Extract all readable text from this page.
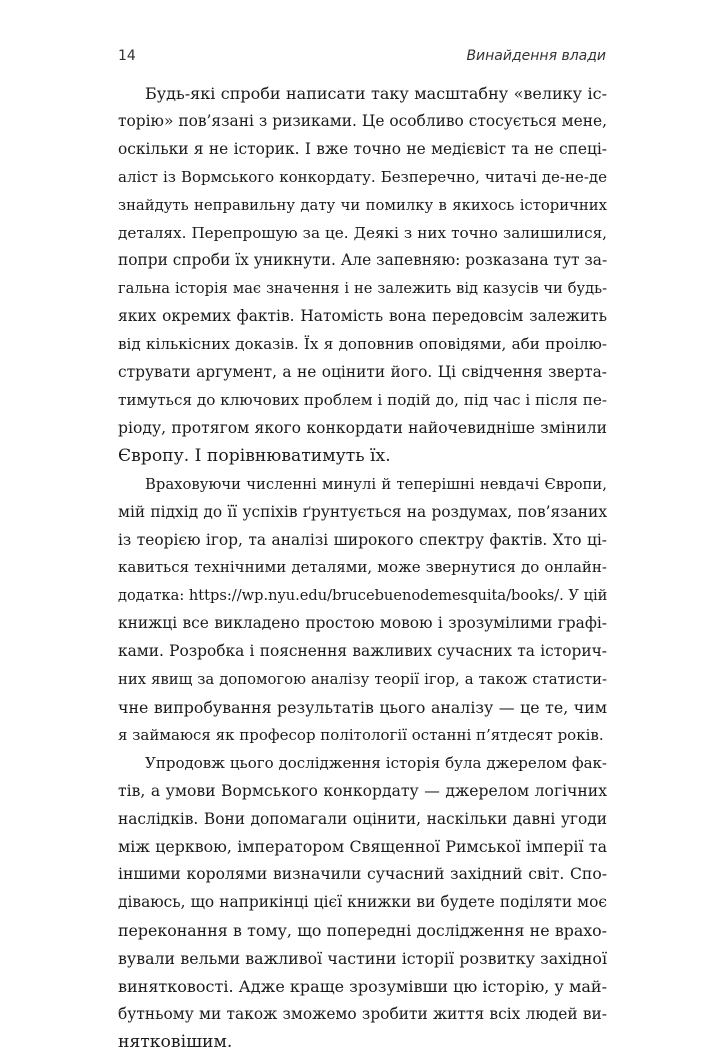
14	Винайдення влади

Будь-які спроби написати таку масштабну «велику іс-
торію» пов’язані з ризиками. Це особливо стосується мене,
оскільки я не історик. І вже точно не медієвіст та не спеці-
аліст із Вормського конкордату. Безперечно, читачі де-не-де
знайдуть неправильну дату чи помилку в якихось історичних
деталях. Перепрошую за це. Деякі з них точно залишилися,
попри спроби їх уникнути. Але запевняю: розказана тут за-
гальна історія має значення і не залежить від казусів чи будь-
яких окремих фактів. Натомість вона передовсім залежить
від кількісних доказів. Їх я доповнив оповідями, аби проілю-
струвати аргумент, а не оцінити його. Ці свідчення зверта-
тимуться до ключових проблем і подій до, під час і після пе-
ріоду, протягом якого конкордати найочевидніше змінили
Європу. І порівнюватимуть їх.

Враховуючи численні минулі й теперішні невдачі Європи,
мій підхід до її успіхів ґрунтується на роздумах, пов’язаних
із теорією ігор, та аналізі широкого спектру фактів. Хто ці-
кавиться технічними деталями, може звернутися до онлайн-
додатка: https://wp.nyu.edu/brucebuenodemesquita/books/. У цій
книжці все викладено простою мовою і зрозумілими графі-
ками. Розробка і пояснення важливих сучасних та історич-
них явищ за допомогою аналізу теорії ігор, а також статисти-
чне випробування результатів цього аналізу — це те, чим
я займаюся як професор політології останні п’ятдесят років.

Упродовж цього дослідження історія була джерелом фак-
тів, а умови Вормського конкордату — джерелом логічних
наслідків. Вони допомагали оцінити, наскільки давні угоди
між церквою, імператором Священної Римської імперії та
іншими королями визначили сучасний західний світ. Спо-
діваюсь, що наприкінці цієї книжки ви будете поділяти моє
переконання в тому, що попередні дослідження не врахо-
вували вельми важливої частини історії розвитку західної
винятковості. Адже краще зрозумівши цю історію, у май-
бутньому ми також зможемо зробити життя всіх людей ви-
нятковішим.
